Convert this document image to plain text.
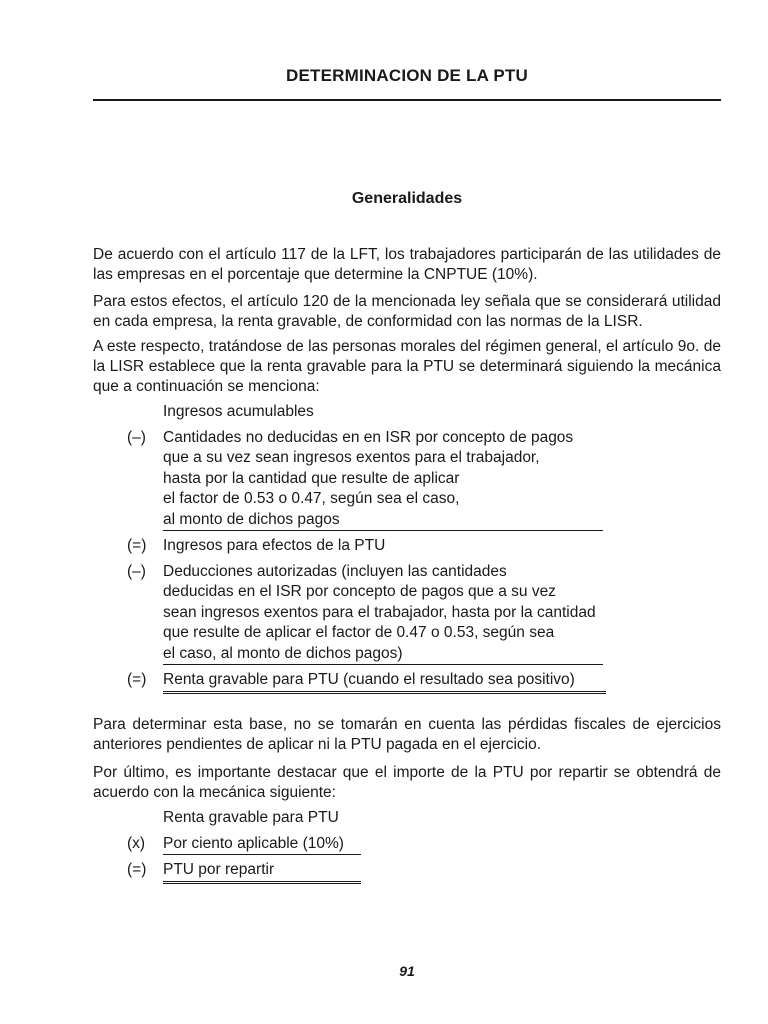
DETERMINACION DE LA PTU
Generalidades

De acuerdo con el artículo 117 de la LFT, los trabajadores participarán de las utilidades de las empresas en el porcentaje que determine la CNPTUE (10%).

Para estos efectos, el artículo 120 de la mencionada ley señala que se considerará utilidad en cada empresa, la renta gravable, de conformidad con las normas de la LISR.

A este respecto, tratándose de las personas morales del régimen general, el artículo 9o. de la LISR establece que la renta gravable para la PTU se determinará siguiendo la mecánica que a continuación se menciona:

Ingresos acumulables
(–)	Cantidades no deducidas en en ISR por concepto de pagos
que a su vez sean ingresos exentos para el trabajador,
hasta por la cantidad que resulte de aplicar
el factor de 0.53 o 0.47, según sea el caso,
al monto de dichos pagos
(=)	Ingresos para efectos de la PTU
(–)	Deducciones autorizadas (incluyen las cantidades
deducidas en el ISR por concepto de pagos que a su vez
sean ingresos exentos para el trabajador, hasta por la cantidad
que resulte de aplicar el factor de 0.47 o 0.53, según sea
el caso, al monto de dichos pagos)
(=)	Renta gravable para PTU (cuando el resultado sea positivo)

Para determinar esta base, no se tomarán en cuenta las pérdidas fiscales de ejercicios anteriores pendientes de aplicar ni la PTU pagada en el ejercicio.

Por último, es importante destacar que el importe de la PTU por repartir se obtendrá de acuerdo con la mecánica siguiente:

Renta gravable para PTU
(x)	Por ciento aplicable (10%)
(=)	PTU por repartir
91
